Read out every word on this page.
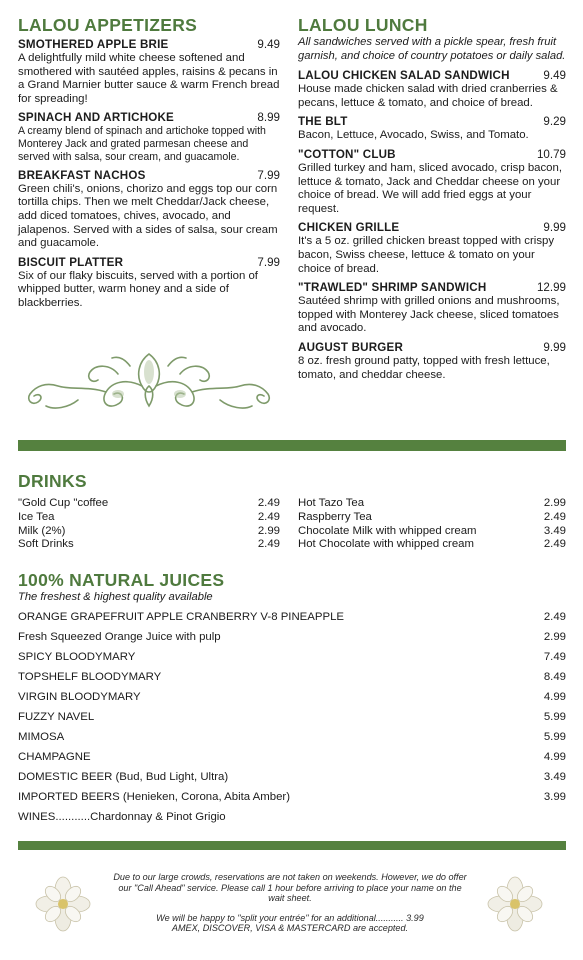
LALOU APPETIZERS
SMOTHERED APPLE BRIE	9.49

A delightfully mild white cheese softened and smothered with sautéed apples, raisins & pecans in a Grand Marnier butter sauce & warm French bread for spreading!

SPINACH AND ARTICHOKE	8.99

A creamy blend of spinach and artichoke topped with Monterey Jack and grated parmesan cheese and served with salsa, sour cream, and guacamole.

BREAKFAST NACHOS	7.99

Green chili's, onions, chorizo and eggs top our corn tortilla chips. Then we melt Cheddar/Jack cheese, add diced tomatoes, chives, avocado, and jalapenos. Served with a sides of salsa, sour cream and guacamole.

BISCUIT PLATTER	7.99

Six of our flaky biscuits, served with a portion of whipped butter, warm honey and a side of blackberries.

LALOU LUNCH

All sandwiches served with a pickle spear, fresh fruit garnish, and choice of country potatoes or daily salad.

LALOU CHICKEN SALAD SANDWICH	9.49

House made chicken salad with dried cranberries & pecans, lettuce & tomato, and choice of bread.

THE BLT	9.29

Bacon, Lettuce, Avocado, Swiss, and Tomato.

"COTTON" CLUB	10.79

Grilled turkey and ham, sliced avocado, crisp bacon, lettuce & tomato, Jack and Cheddar cheese on your choice of bread. We will add fried eggs at your request.

CHICKEN GRILLE	9.99

It's a 5 oz. grilled chicken breast topped with crispy bacon, Swiss cheese, lettuce & tomato on your choice of bread.

"TRAWLED" SHRIMP SANDWICH	12.99

Sautéed shrimp with grilled onions and mushrooms, topped with Monterey Jack cheese, sliced tomatoes and avocado.

AUGUST BURGER	9.99

8 oz. fresh ground patty, topped with fresh lettuce, tomato, and cheddar cheese.

DRINKS
"Gold Cup "coffee	2.49
Ice Tea	2.49
Milk (2%)	2.99
Soft Drinks	2.49
Hot Tazo Tea	2.99
Raspberry Tea	2.49
Chocolate Milk with whipped cream	3.49
Hot Chocolate with whipped cream	2.49
100% NATURAL JUICES

The freshest & highest quality available

ORANGE GRAPEFRUIT APPLE CRANBERRY V-8 PINEAPPLE	2.49
Fresh Squeezed Orange Juice with pulp	2.99
SPICY BLOODYMARY	7.49
TOPSHELF BLOODYMARY	8.49
VIRGIN BLOODYMARY	4.99
FUZZY NAVEL	5.99
MIMOSA	5.99
CHAMPAGNE	4.99
DOMESTIC BEER (Bud, Bud Light, Ultra)	3.49
IMPORTED BEERS (Henieken, Corona, Abita Amber)	3.99
WINES...........Chardonnay & Pinot Grigio

Due to our large crowds, reservations are not taken on weekends. However, we do offer our "Call Ahead" service. Please call 1 hour before arriving to place your name on the wait sheet.

We will be happy to "split your entrée" for an additional........... 3.99
AMEX, DISCOVER, VISA & MASTERCARD are accepted.
